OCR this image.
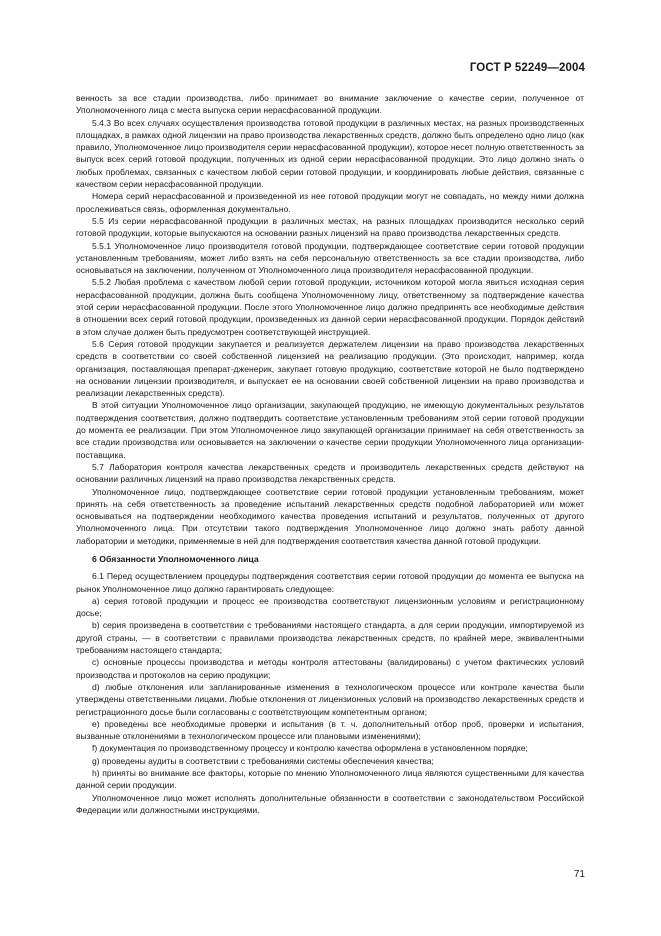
ГОСТ Р 52249—2004

венность за все стадии производства, либо принимает во внимание заключение о качестве серии, полученное от Уполномоченного лица с места выпуска серии нерасфасованной продукции.

5.4.3 Во всех случаях осуществления производства готовой продукции в различных местах, на разных производственных площадках, в рамках одной лицензии на право производства лекарственных средств, должно быть определено одно лицо (как правило, Уполномоченное лицо производителя серии нерасфасованной продукции), которое несет полную ответственность за выпуск всех серий готовой продукции, полученных из одной серии нерасфасованной продукции. Это лицо должно знать о любых проблемах, связанных с качеством любой серии готовой продукции, и координировать любые действия, связанные с качеством серии нерасфасованной продукции.

Номера серий нерасфасованной и произведенной из нее готовой продукции могут не совпадать, но между ними должна прослеживаться связь, оформленная документально.

5.5 Из серии нерасфасованной продукции в различных местах, на разных площадках производится несколько серий готовой продукции, которые выпускаются на основании разных лицензий на право производства лекарственных средств.

5.5.1 Уполномоченное лицо производителя готовой продукции, подтверждающее соответствие серии готовой продукции установленным требованиям, может либо взять на себя персональную ответственность за все стадии производства, либо основываться на заключении, полученном от Уполномоченного лица производителя нерасфасованной продукции.

5.5.2 Любая проблема с качеством любой серии готовой продукции, источником которой могла явиться исходная серия нерасфасованной продукции, должна быть сообщена Уполномоченному лицу, ответственному за подтверждение качества этой серии нерасфасованной продукции. После этого Уполномоченное лицо должно предпринять все необходимые действия в отношении всех серий готовой продукции, произведенных из данной серии нерасфасованной продукции. Порядок действий в этом случае должен быть предусмотрен соответствующей инструкцией.

5.6 Серия готовой продукции закупается и реализуется держателем лицензии на право производства лекарственных средств в соответствии со своей собственной лицензией на реализацию продукции. (Это происходит, например, когда организация, поставляющая препарат-дженерик, закупает готовую продукцию, соответствие которой не было подтверждено на основании лицензии производителя, и выпускает ее на основании своей собственной лицензии на право производства и реализации лекарственных средств).

В этой ситуации Уполномоченное лицо организации, закупающей продукцию, не имеющую документальных результатов подтверждения соответствия, должно подтвердить соответствие установленным требованиям этой серии готовой продукции до момента ее реализации. При этом Уполномоченное лицо закупающей организации принимает на себя ответственность за все стадии производства или основывается на заключении о качестве серии продукции Уполномоченного лица организации-поставщика.

5.7 Лаборатория контроля качества лекарственных средств и производитель лекарственных средств действуют на основании различных лицензий на право производства лекарственных средств.

Уполномоченное лицо, подтверждающее соответствие серии готовой продукции установленным требованиям, может принять на себя ответственность за проведение испытаний лекарственных средств подобной лабораторией или может основываться на подтверждении необходимого качества проведения испытаний и результатов, полученных от другого Уполномоченного лица. При отсутствии такого подтверждения Уполномоченное лицо должно знать работу данной лаборатории и методики, применяемые в ней для подтверждения соответствия качества данной готовой продукции.

6 Обязанности Уполномоченного лица

6.1 Перед осуществлением процедуры подтверждения соответствия серии готовой продукции до момента ее выпуска на рынок Уполномоченное лицо должно гарантировать следующее:

a) серия готовой продукции и процесс ее производства соответствуют лицензионным условиям и регистрационному досье;

b) серия произведена в соответствии с требованиями настоящего стандарта, а для серии продукции, импортируемой из другой страны, — в соответствии с правилами производства лекарственных средств, по крайней мере, эквивалентными требованиям настоящего стандарта;

c) основные процессы производства и методы контроля аттестованы (валидированы) с учетом фактических условий производства и протоколов на серию продукции;

d) любые отклонения или запланированные изменения в технологическом процессе или контроле качества были утверждены ответственными лицами. Любые отклонения от лицензионных условий на производство лекарственных средств и регистрационного досье были согласованы с соответствующим компетентным органом;

e) проведены все необходимые проверки и испытания (в т. ч. дополнительный отбор проб, проверки и испытания, вызванные отклонениями в технологическом процессе или плановыми изменениями);

f) документация по производственному процессу и контролю качества оформлена в установленном порядке;

g) проведены аудиты в соответствии с требованиями системы обеспечения качества;

h) приняты во внимание все факторы, которые по мнению Уполномоченного лица являются существенными для качества данной серии продукции.

Уполномоченное лицо может исполнять дополнительные обязанности в соответствии с законодательством Российской Федерации или должностными инструкциями.

71
